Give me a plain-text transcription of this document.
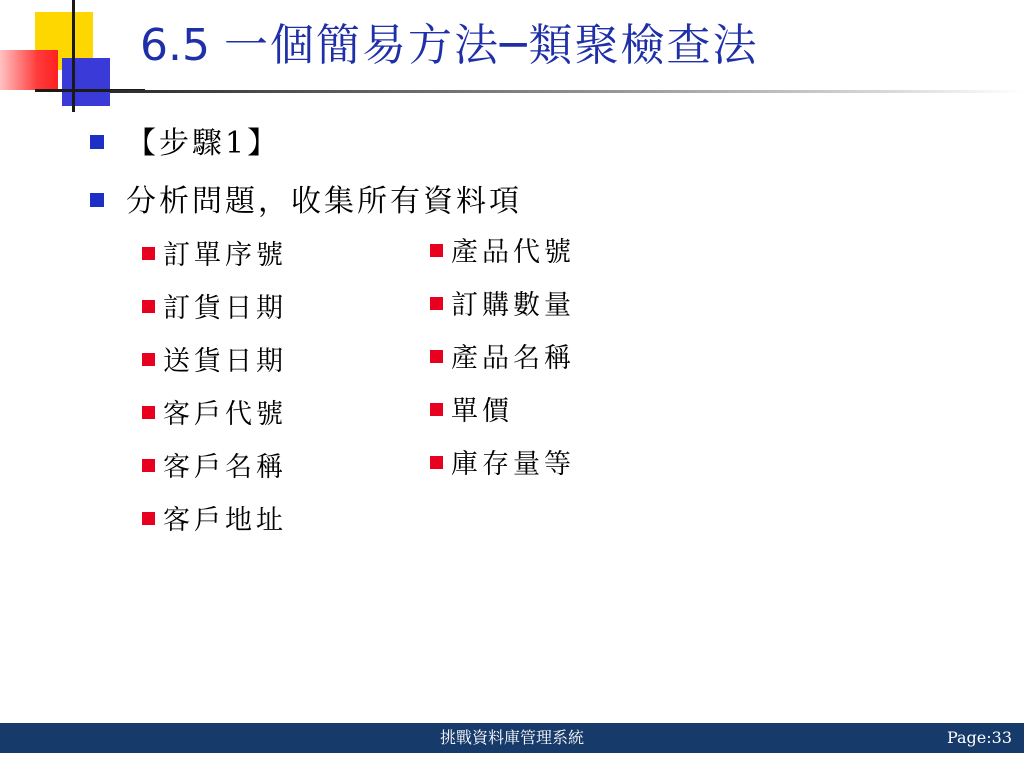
6.5 一個簡易方法─類聚檢查法
【步驟1】
分析問題，收集所有資料項
訂單序號
訂貨日期
送貨日期
客戶代號
客戶名稱
客戶地址
產品代號
訂購數量
產品名稱
單價
庫存量等
挑戰資料庫管理系統	Page:33
